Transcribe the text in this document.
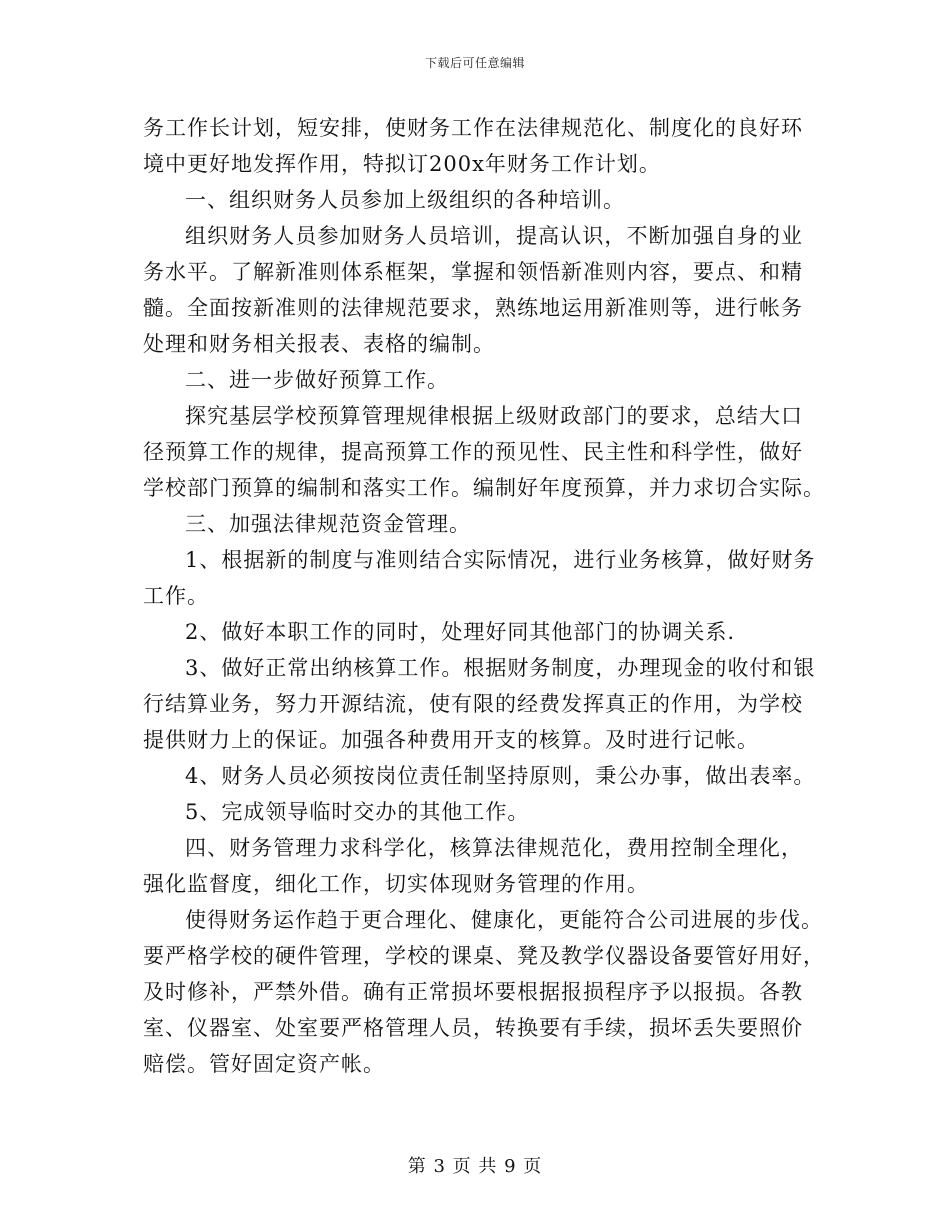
下载后可任意编辑
务工作长计划，短安排，使财务工作在法律规范化、制度化的良好环
境中更好地发挥作用，特拟订200x年财务工作计划。
一、组织财务人员参加上级组织的各种培训。
组织财务人员参加财务人员培训，提高认识，不断加强自身的业
务水平。了解新准则体系框架，掌握和领悟新准则内容，要点、和精
髓。全面按新准则的法律规范要求，熟练地运用新准则等，进行帐务
处理和财务相关报表、表格的编制。
二、进一步做好预算工作。
探究基层学校预算管理规律根据上级财政部门的要求，总结大口
径预算工作的规律，提高预算工作的预见性、民主性和科学性，做好
学校部门预算的编制和落实工作。编制好年度预算，并力求切合实际。
三、加强法律规范资金管理。
1、根据新的制度与准则结合实际情况，进行业务核算，做好财务
工作。
2、做好本职工作的同时，处理好同其他部门的协调关系.
3、做好正常出纳核算工作。根据财务制度，办理现金的收付和银
行结算业务，努力开源结流，使有限的经费发挥真正的作用，为学校
提供财力上的保证。加强各种费用开支的核算。及时进行记帐。
4、财务人员必须按岗位责任制坚持原则，秉公办事，做出表率。
5、完成领导临时交办的其他工作。
四、财务管理力求科学化，核算法律规范化，费用控制全理化，
强化监督度，细化工作，切实体现财务管理的作用。
使得财务运作趋于更合理化、健康化，更能符合公司进展的步伐。
要严格学校的硬件管理，学校的课桌、凳及教学仪器设备要管好用好，
及时修补，严禁外借。确有正常损坏要根据报损程序予以报损。各教
室、仪器室、处室要严格管理人员，转换要有手续，损坏丢失要照价
赔偿。管好固定资产帐。
第 3 页 共 9 页
